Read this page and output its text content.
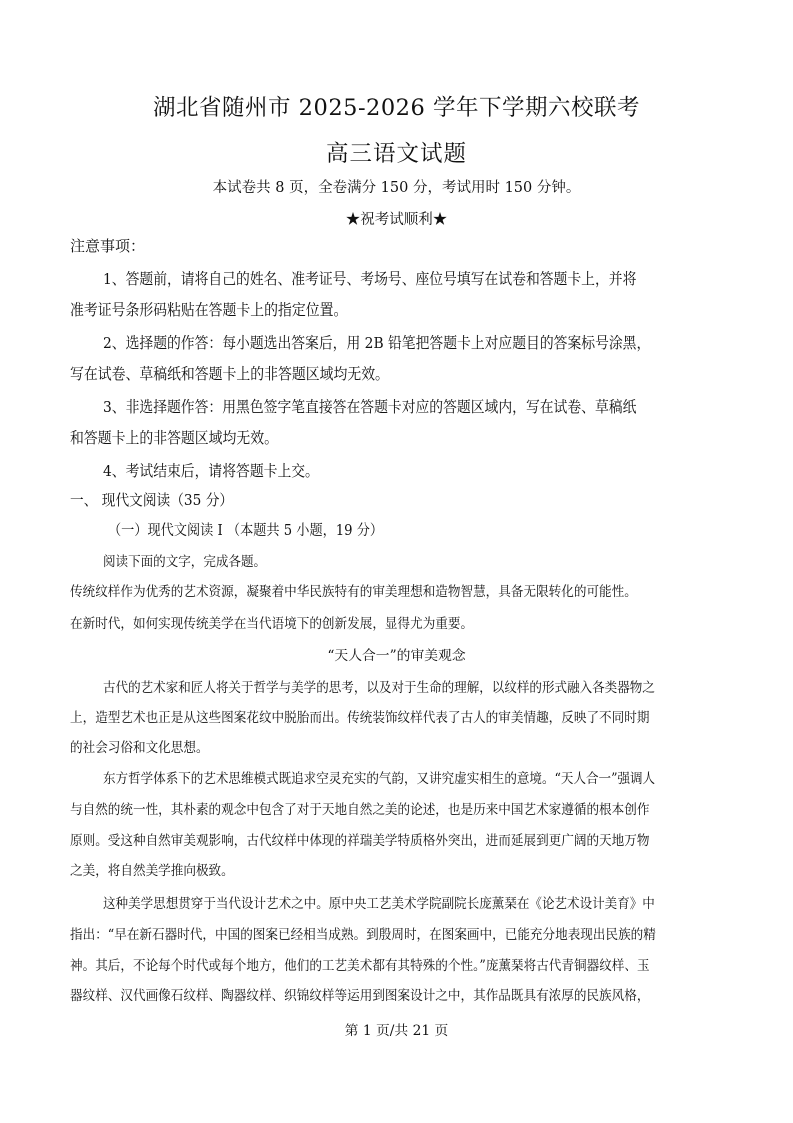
湖北省随州市 2025-2026 学年下学期六校联考
高三语文试题
本试卷共 8 页，全卷满分 150 分，考试用时 150 分钟。
★祝考试顺利★
注意事项：
1、答题前，请将自己的姓名、准考证号、考场号、座位号填写在试卷和答题卡上，并将
准考证号条形码粘贴在答题卡上的指定位置。
2、选择题的作答：每小题选出答案后，用 2B 铅笔把答题卡上对应题目的答案标号涂黑，
写在试卷、草稿纸和答题卡上的非答题区域均无效。
3、非选择题作答：用黑色签字笔直接答在答题卡对应的答题区域内，写在试卷、草稿纸
和答题卡上的非答题区域均无效。
4、考试结束后，请将答题卡上交。
一、 现代文阅读（35 分）
（一）现代文阅读 I （本题共 5 小题，19 分）
阅读下面的文字，完成各题。
传统纹样作为优秀的艺术资源，凝聚着中华民族特有的审美理想和造物智慧，具备无限转化的可能性。
在新时代，如何实现传统美学在当代语境下的创新发展，显得尤为重要。
“天人合一”的审美观念
古代的艺术家和匠人将关于哲学与美学的思考，以及对于生命的理解，以纹样的形式融入各类器物之
上，造型艺术也正是从这些图案花纹中脱胎而出。传统装饰纹样代表了古人的审美情趣，反映了不同时期
的社会习俗和文化思想。
东方哲学体系下的艺术思维模式既追求空灵充实的气韵，又讲究虚实相生的意境。“天人合一”强调人
与自然的统一性，其朴素的观念中包含了对于天地自然之美的论述，也是历来中国艺术家遵循的根本创作
原则。受这种自然审美观影响，古代纹样中体现的祥瑞美学特质格外突出，进而延展到更广阔的天地万物
之美，将自然美学推向极致。
这种美学思想贯穿于当代设计艺术之中。原中央工艺美术学院副院长庞薰琹在《论艺术设计美育》中
指出：“早在新石器时代，中国的图案已经相当成熟。到殷周时，在图案画中，已能充分地表现出民族的精
神。其后，不论每个时代或每个地方，他们的工艺美术都有其特殊的个性。”庞薰琹将古代青铜器纹样、玉
器纹样、汉代画像石纹样、陶器纹样、织锦纹样等运用到图案设计之中，其作品既具有浓厚的民族风格，
第 1 页/共 21 页
